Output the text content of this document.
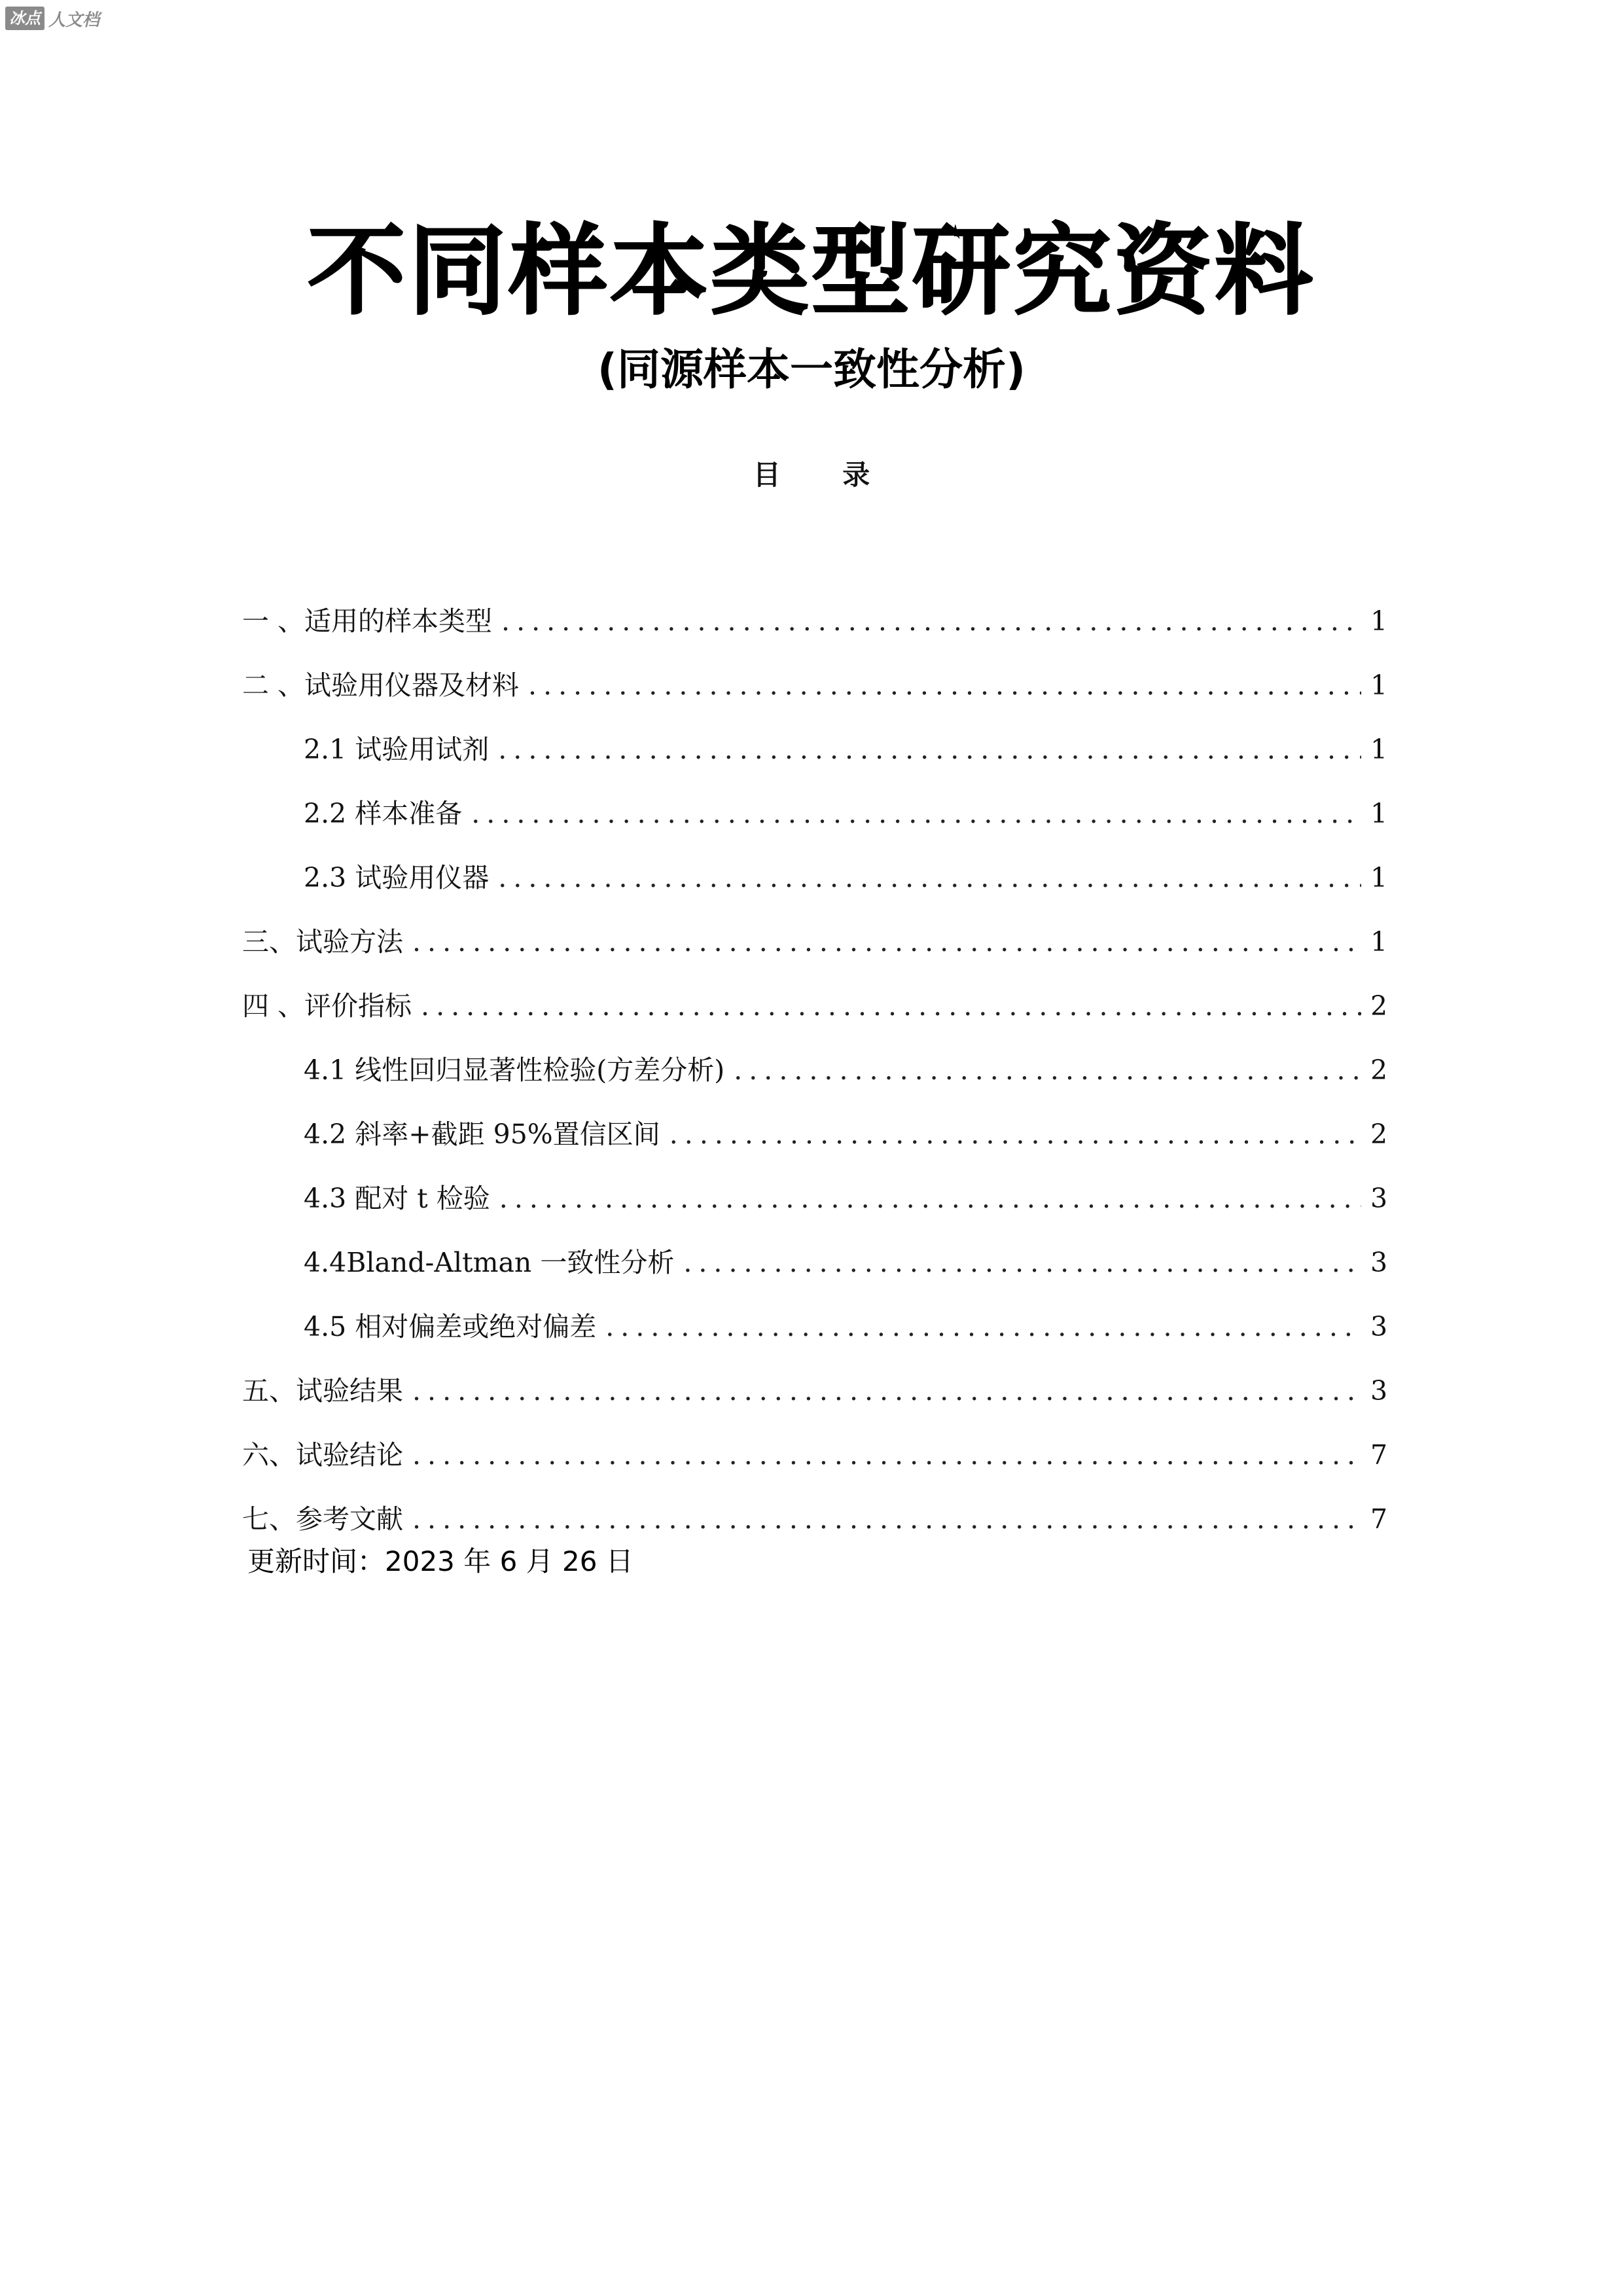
冰点 人文档
不同样本类型研究资料
(同源样本一致性分析)
目 录
一 、适用的样本类型 .....	1
二 、试验用仪器及材料 .....	1
2.1 试验用试剂 .....	1
2.2 样本准备 .....	1
2.3 试验用仪器 .....	1
三、试验方法 .....	1
四 、评价指标 .....	2
4.1 线性回归显著性检验(方差分析) .....	2
4.2 斜率+截距 95%置信区间 .....	2
4.3 配对 t 检验 .....	3
4.4Bland-Altman 一致性分析 .....	3
4.5 相对偏差或绝对偏差 .....	3
五、试验结果 .....	3
六、试验结论 .....	7
七、参考文献 .....	7
更新时间：2023 年 6 月 26 日
